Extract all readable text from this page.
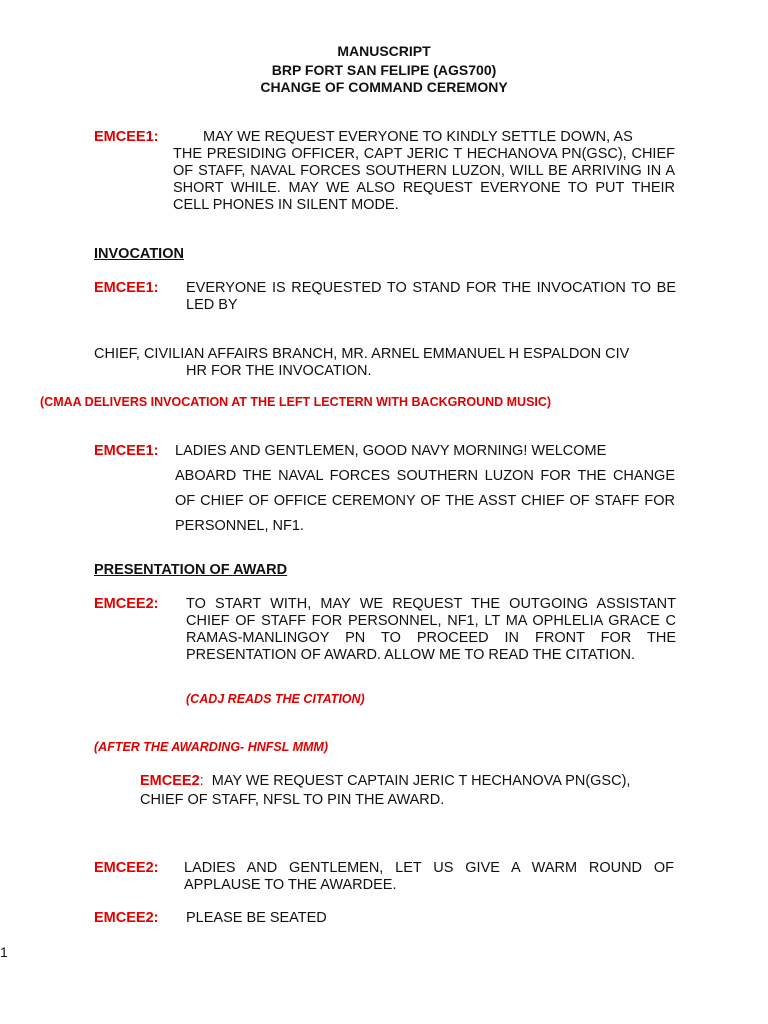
MANUSCRIPT
BRP FORT SAN FELIPE (AGS700)
CHANGE OF COMMAND CEREMONY
EMCEE1:	MAY WE REQUEST EVERYONE TO KINDLY SETTLE DOWN, AS
THE PRESIDING OFFICER, CAPT JERIC T HECHANOVA PN(GSC), CHIEF OF STAFF, NAVAL FORCES SOUTHERN LUZON, WILL BE ARRIVING IN A SHORT WHILE. MAY WE ALSO REQUEST EVERYONE TO PUT THEIR CELL PHONES IN SILENT MODE.
INVOCATION
EMCEE1: EVERYONE IS REQUESTED TO STAND FOR THE INVOCATION TO BE LED BY
CHIEF, CIVILIAN AFFAIRS BRANCH, MR. ARNEL EMMANUEL H ESPALDON CIV
HR FOR THE INVOCATION.
(CMAA DELIVERS INVOCATION AT THE LEFT LECTERN WITH BACKGROUND MUSIC)
EMCEE1: LADIES AND GENTLEMEN, GOOD NAVY MORNING! WELCOME
ABOARD THE NAVAL FORCES SOUTHERN LUZON FOR THE CHANGE OF CHIEF OF OFFICE CEREMONY OF THE ASST CHIEF OF STAFF FOR PERSONNEL, NF1.
PRESENTATION OF AWARD
EMCEE2: TO START WITH, MAY WE REQUEST THE OUTGOING ASSISTANT CHIEF OF STAFF FOR PERSONNEL, NF1, LT MA OPHLELIA GRACE C RAMAS-MANLINGOY PN TO PROCEED IN FRONT FOR THE PRESENTATION OF AWARD. ALLOW ME TO READ THE CITATION.
(CADJ READS THE CITATION)
(AFTER THE AWARDING- HNFSL MMM)
EMCEE2: MAY WE REQUEST CAPTAIN JERIC T HECHANOVA PN(GSC),
CHIEF OF STAFF, NFSL TO PIN THE AWARD.
EMCEE2: LADIES AND GENTLEMEN, LET US GIVE A WARM ROUND OF APPLAUSE TO THE AWARDEE.
EMCEE2: PLEASE BE SEATED
1
